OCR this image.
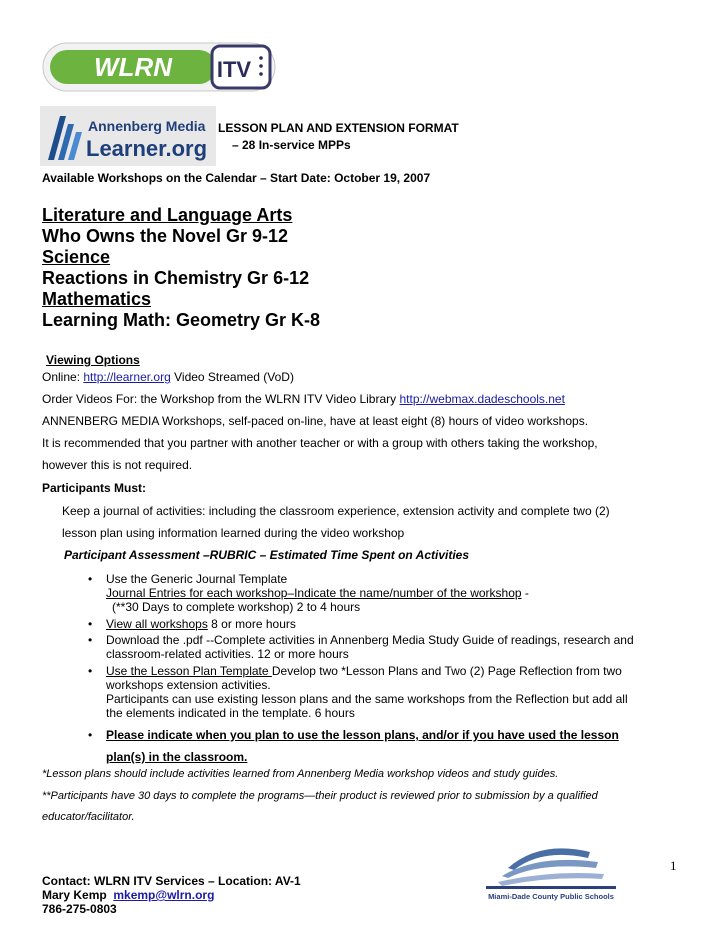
WLRN ITV
Annenberg Media
Learner.org
LESSON PLAN AND EXTENSION FORMAT
– 28 In-service MPPs
Available Workshops on the Calendar – Start Date: October 19, 2007
Literature and Language Arts
Who Owns the Novel Gr 9-12
Science
Reactions in Chemistry Gr 6-12
Mathematics
Learning Math: Geometry Gr K-8
Viewing Options
Online: http://learner.org Video Streamed (VoD)
Order Videos For: the Workshop from the WLRN ITV Video Library http://webmax.dadeschools.net
ANNENBERG MEDIA Workshops, self-paced on-line, have at least eight (8) hours of video workshops.
It is recommended that you partner with another teacher or with a group with others taking the workshop,
however this is not required.
Participants Must:
Keep a journal of activities: including the classroom experience, extension activity and complete two (2)
lesson plan using information learned during the video workshop
Participant Assessment –RUBRIC – Estimated Time Spent on Activities
• Use the Generic Journal Template
Journal Entries for each workshop–Indicate the name/number of the workshop -
(**30 Days to complete workshop) 2 to 4 hours
• View all workshops 8 or more hours
• Download the .pdf --Complete activities in Annenberg Media Study Guide of readings, research and
classroom-related activities. 12 or more hours
• Use the Lesson Plan Template Develop two *Lesson Plans and Two (2) Page Reflection from two
workshops extension activities.
Participants can use existing lesson plans and the same workshops from the Reflection but add all
the elements indicated in the template. 6 hours
• Please indicate when you plan to use the lesson plans, and/or if you have used the lesson
plan(s) in the classroom.
*Lesson plans should include activities learned from Annenberg Media workshop videos and study guides.
**Participants have 30 days to complete the programs—their product is reviewed prior to submission by a qualified
educator/facilitator.
Miami-Dade County Public Schools
1
Contact: WLRN ITV Services – Location: AV-1
Mary Kemp mkemp@wlrn.org
786-275-0803
